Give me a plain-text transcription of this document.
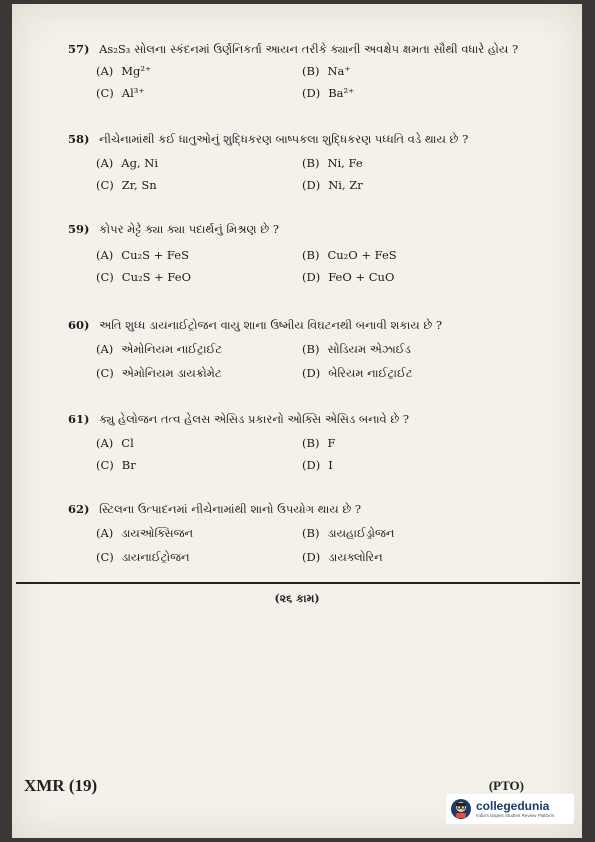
57) As₂S₃ સોલના સ્કંદનમાં ઉર્ણનિકર્તા આયન તરીકે ક્યાની અવક્ષેપ ક્ષમતા સૌથી વધારે હોય ?
(A) Mg²⁺	(B) Na⁺
(C) Al³⁺	(D) Ba²⁺
58) નીચેનામાંથી કઈ ધાતુઓનું શુદ્ધિકરણ બાષ્પકલા શુદ્ધિકરણ પધ્ધતિ વડે થાય છે ?
(A) Ag, Ni	(B) Ni, Fe
(C) Zr, Sn	(D) Ni, Zr
59) કોપર મેટ્ટે ક્યા ક્યા પદાર્થનું મિશ્રણ છે ?
(A) Cu₂S + FeS	(B) Cu₂O + FeS
(C) Cu₂S + FeO	(D) FeO + CuO
60) અતિ શુધ્ધ ડાયનાઈટ્રોજન વાયુ શાના ઉષ્મીય વિઘટનથી બનાવી શકાય છે ?
(A) એમોનિયમ નાઈટ્રાઈટ	(B) સોડિયમ એઝાઈડ
(C) એમોનિયમ ડાયક્રોમેટ	(D) બેરિયમ નાઈટ્રાઈટ
61) ક્યુ હેલોજન તત્વ હેલસ એસિડ પ્રકારનો ઓક્સિ એસિડ બનાવે છે ?
(A) Cl	(B) F
(C) Br	(D) I
62) સ્ટિલના ઉત્પાદનમાં નીચેનામાંથી શાનો ઉપયોગ થાય છે ?
(A) ડાયઓક્સિજન	(B) ડાયહાઈડ્રોજન
(C) ડાયનાઈટ્રોજન	(D) ડાયક્લોરિન
(૨૬ કામ)
XMR (19)	(PTO)
collegedunia
India's largest Student Review Platform
